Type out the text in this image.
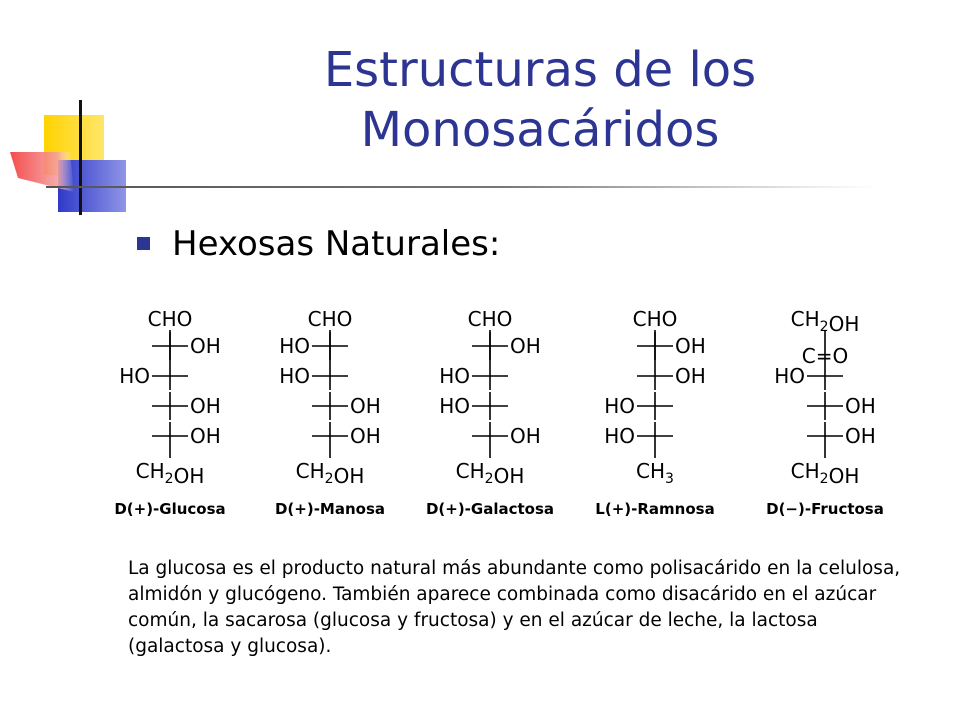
Estructuras de los
Monosacáridos
Hexosas Naturales:
CHO
OH
HO
OH
OH
$CH_2OH$
D(+)-Glucosa
CHO
HO
HO
OH
OH
$CH_2OH$
D(+)-Manosa
CHO
OH
HO
HO
OH
$CH_2OH$
D(+)-Galactosa
CHO
OH
OH
HO
HO
$CH_3$
L(+)-Ramnosa
$CH_2OH$
C=O
HO
OH
OH
$CH_2OH$
D(−)-Fructosa
La glucosa es el producto natural más abundante como polisacárido en la celulosa, almidón y glucógeno. También aparece combinada como disacárido en el azúcar común, la sacarosa (glucosa y fructosa) y en el azúcar de leche, la lactosa (galactosa y glucosa).
